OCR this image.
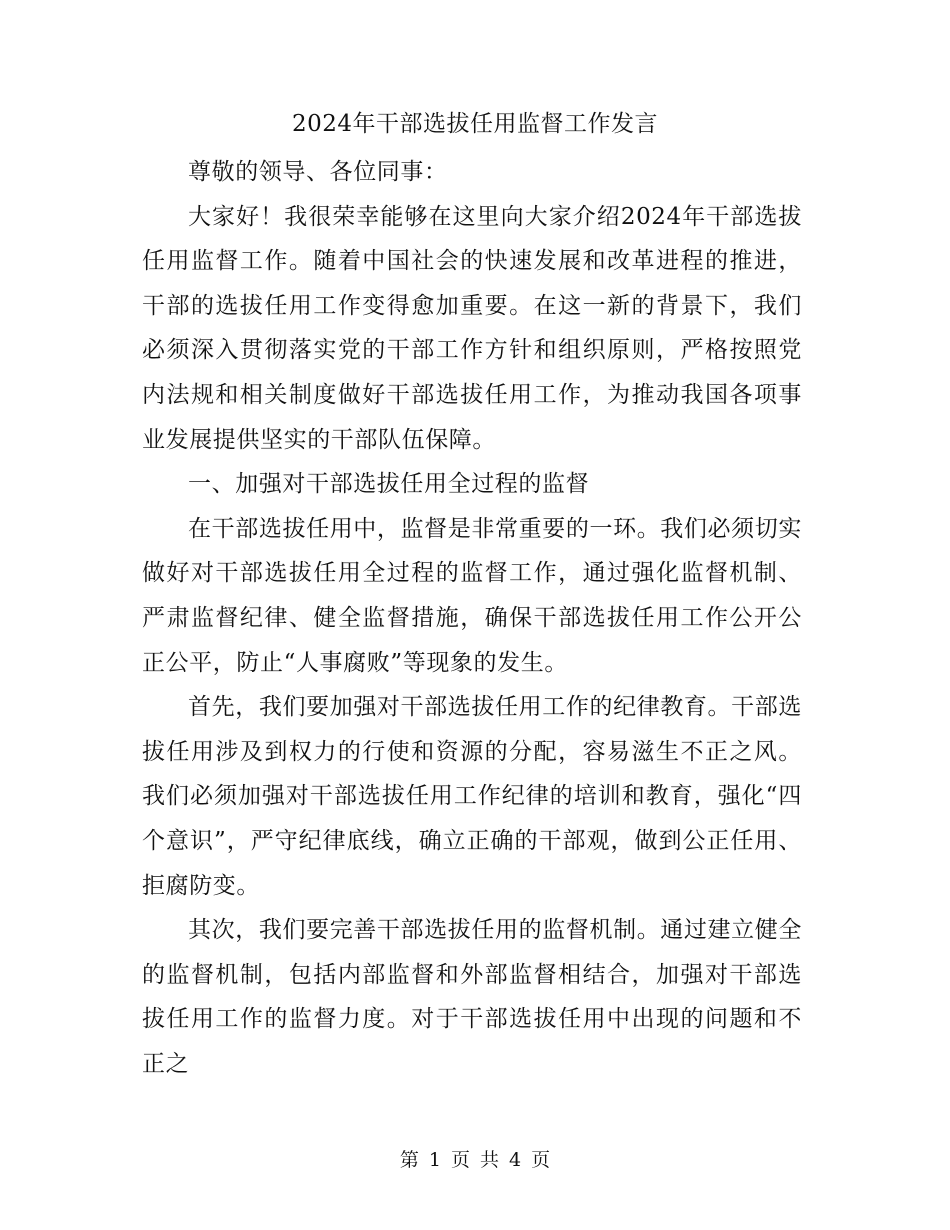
2024年干部选拔任用监督工作发言

尊敬的领导、各位同事：

大家好！我很荣幸能够在这里向大家介绍2024年干部选拔任用监督工作。随着中国社会的快速发展和改革进程的推进，干部的选拔任用工作变得愈加重要。在这一新的背景下，我们必须深入贯彻落实党的干部工作方针和组织原则，严格按照党内法规和相关制度做好干部选拔任用工作，为推动我国各项事业发展提供坚实的干部队伍保障。

一、加强对干部选拔任用全过程的监督

在干部选拔任用中，监督是非常重要的一环。我们必须切实做好对干部选拔任用全过程的监督工作，通过强化监督机制、严肃监督纪律、健全监督措施，确保干部选拔任用工作公开公正公平，防止“人事腐败”等现象的发生。

首先，我们要加强对干部选拔任用工作的纪律教育。干部选拔任用涉及到权力的行使和资源的分配，容易滋生不正之风。我们必须加强对干部选拔任用工作纪律的培训和教育，强化“四个意识”，严守纪律底线，确立正确的干部观，做到公正任用、拒腐防变。

其次，我们要完善干部选拔任用的监督机制。通过建立健全的监督机制，包括内部监督和外部监督相结合，加强对干部选拔任用工作的监督力度。对于干部选拔任用中出现的问题和不正之

第 1 页 共 4 页
